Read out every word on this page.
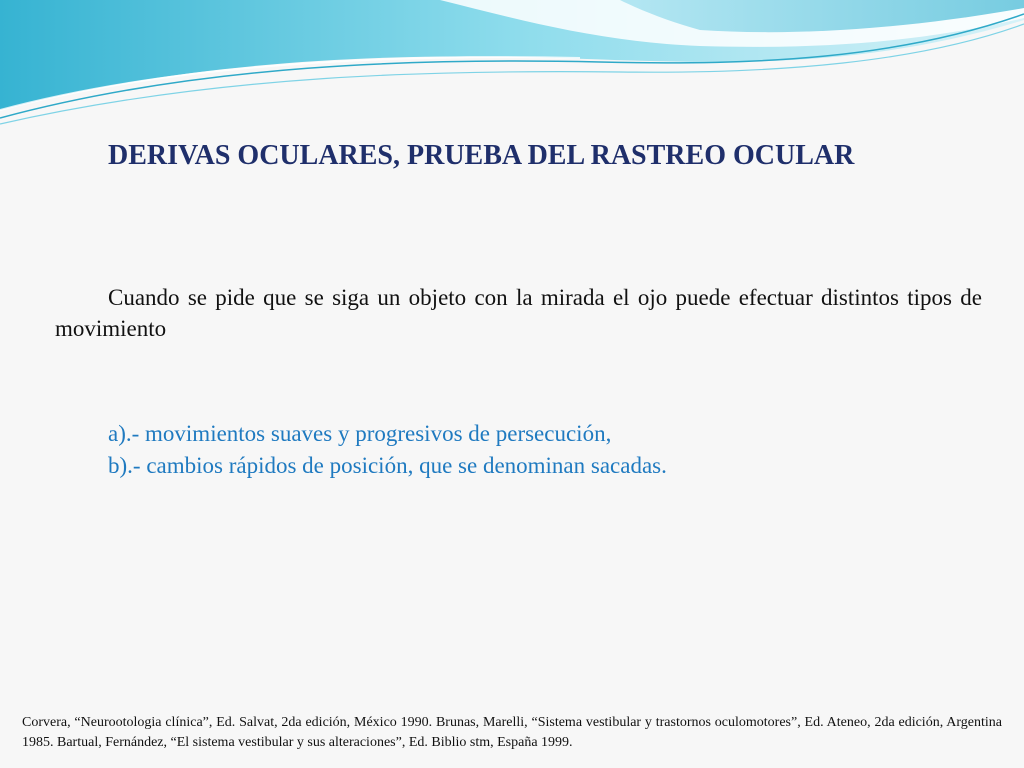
DERIVAS OCULARES, PRUEBA DEL RASTREO OCULAR
Cuando se pide que se siga un objeto con la mirada el ojo puede efectuar distintos tipos de movimiento
a).- movimientos suaves y progresivos de persecución,
b).- cambios rápidos de posición, que se denominan sacadas.
Corvera, “Neurootologia clínica”, Ed. Salvat, 2da edición, México 1990. Brunas, Marelli, “Sistema vestibular y trastornos oculomotores”, Ed. Ateneo, 2da edición, Argentina 1985. Bartual, Fernández, “El sistema vestibular y sus alteraciones”, Ed. Biblio stm, España 1999.
